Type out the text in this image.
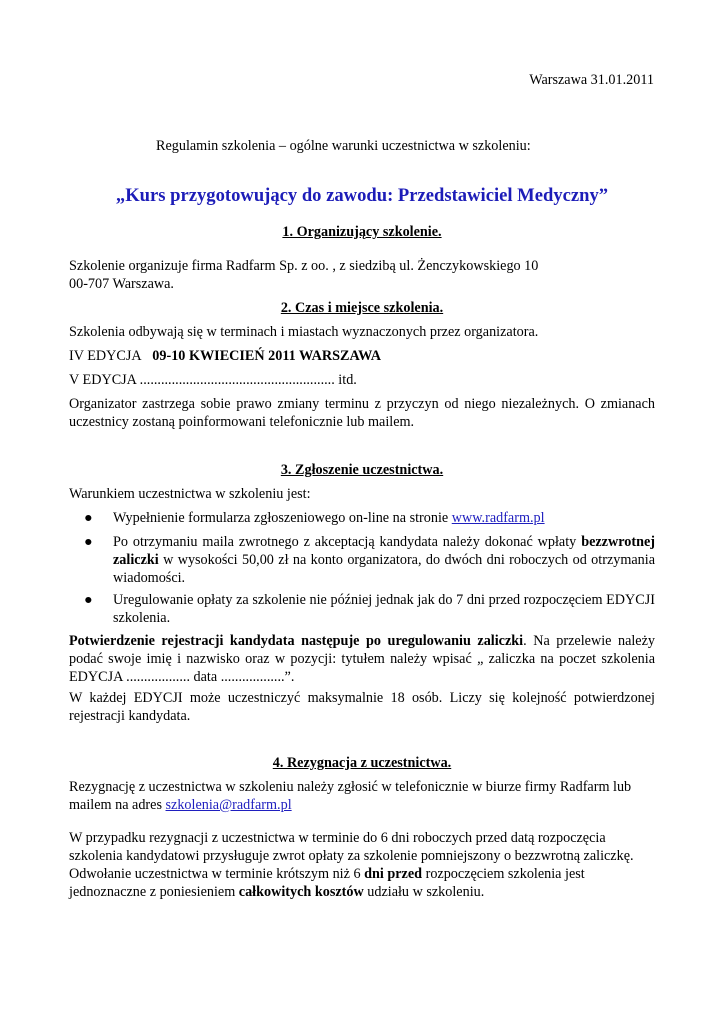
Warszawa 31.01.2011
Regulamin szkolenia – ogólne warunki uczestnictwa w szkoleniu:
„Kurs przygotowujący do zawodu: Przedstawiciel Medyczny”
1. Organizujący szkolenie.
Szkolenie organizuje firma Radfarm Sp. z oo. , z siedzibą ul. Żenczykowskiego 10
00-707 Warszawa.
2. Czas i miejsce szkolenia.
Szkolenia odbywają się w terminach i miastach wyznaczonych przez organizatora.
IV EDYCJA 09-10 KWIECIEŃ 2011 WARSZAWA
V EDYCJA ....................................................... itd.
Organizator zastrzega sobie prawo zmiany terminu z przyczyn od niego niezależnych. O zmianach uczestnicy zostaną poinformowani telefonicznie lub mailem.
3. Zgłoszenie uczestnictwa.
Warunkiem uczestnictwa w szkoleniu jest:
●	Wypełnienie formularza zgłoszeniowego on-line na stronie www.radfarm.pl
●	Po otrzymaniu maila zwrotnego z akceptacją kandydata należy dokonać wpłaty bezzwrotnej zaliczki w wysokości 50,00 zł na konto organizatora, do dwóch dni roboczych od otrzymania wiadomości.
●	Uregulowanie opłaty za szkolenie nie później jednak jak do 7 dni przed rozpoczęciem EDYCJI szkolenia.
Potwierdzenie rejestracji kandydata następuje po uregulowaniu zaliczki. Na przelewie należy podać swoje imię i nazwisko oraz w pozycji: tytułem należy wpisać „ zaliczka na poczet szkolenia EDYCJA .................. data ..................”.
W każdej EDYCJI może uczestniczyć maksymalnie 18 osób. Liczy się kolejność potwierdzonej rejestracji kandydata.
4. Rezygnacja z uczestnictwa.
Rezygnację z uczestnictwa w szkoleniu należy zgłosić w telefonicznie w biurze firmy Radfarm lub mailem na adres szkolenia@radfarm.pl
W przypadku rezygnacji z uczestnictwa w terminie do 6 dni roboczych przed datą rozpoczęcia szkolenia kandydatowi przysługuje zwrot opłaty za szkolenie pomniejszony o bezzwrotną zaliczkę. Odwołanie uczestnictwa w terminie krótszym niż 6 dni przed rozpoczęciem szkolenia jest jednoznaczne z poniesieniem całkowitych kosztów udziału w szkoleniu.
